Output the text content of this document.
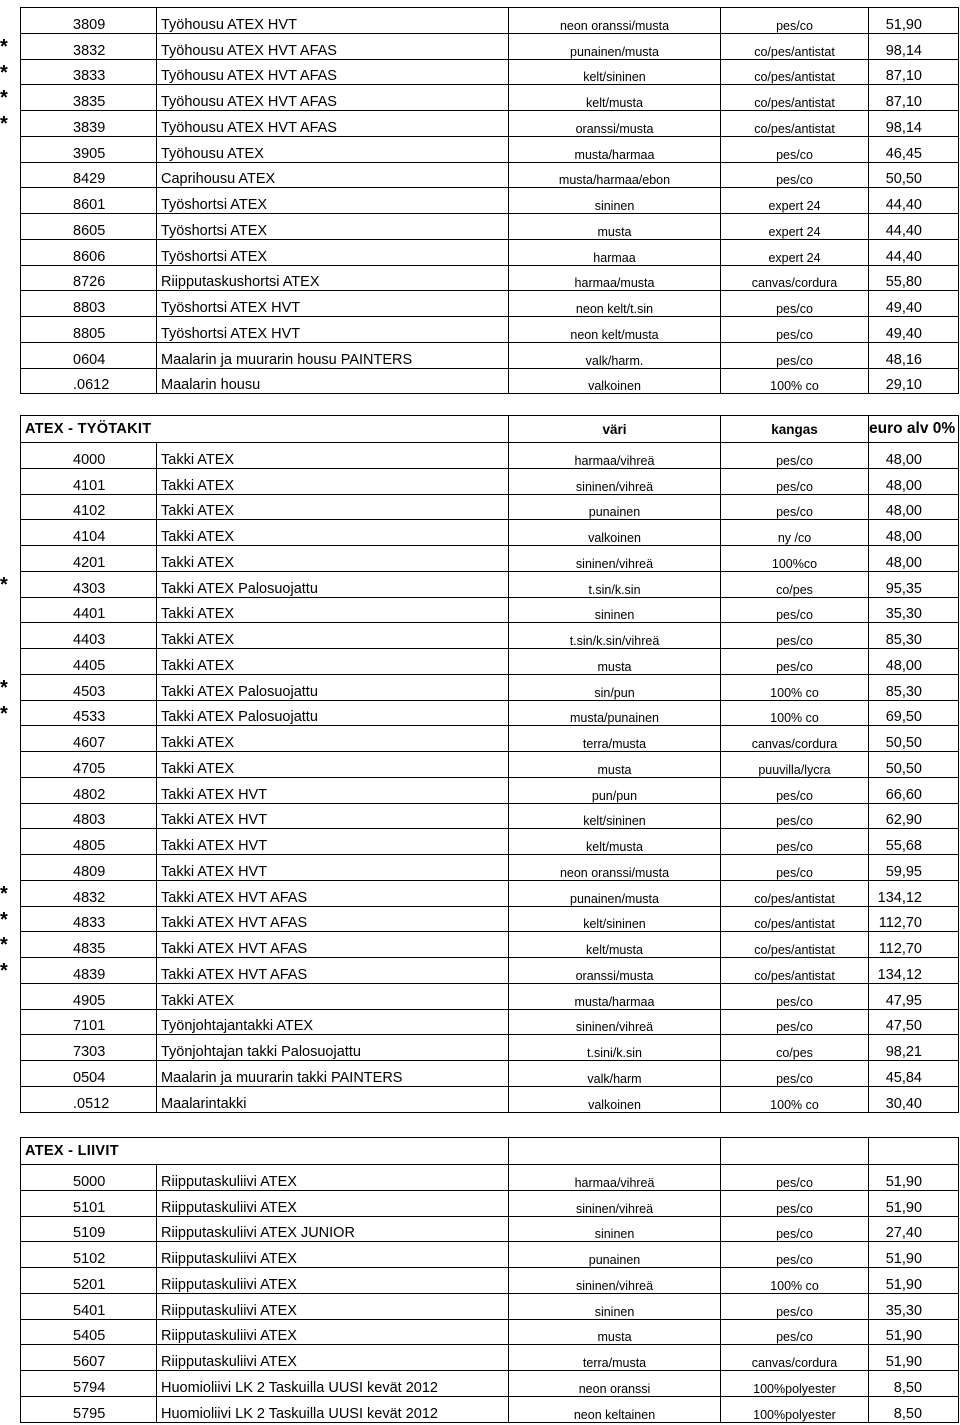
*
*
*
*
3809	Työhousu ATEX HVT	neon oranssi/musta	pes/co	51,90
3832	Työhousu ATEX HVT AFAS	punainen/musta	co/pes/antistat	98,14
3833	Työhousu ATEX HVT AFAS	kelt/sininen	co/pes/antistat	87,10
3835	Työhousu ATEX HVT AFAS	kelt/musta	co/pes/antistat	87,10
3839	Työhousu ATEX HVT AFAS	oranssi/musta	co/pes/antistat	98,14
3905	Työhousu ATEX	musta/harmaa	pes/co	46,45
8429	Caprihousu ATEX	musta/harmaa/ebon	pes/co	50,50
8601	Työshortsi ATEX	sininen	expert 24	44,40
8605	Työshortsi ATEX	musta	expert 24	44,40
8606	Työshortsi ATEX	harmaa	expert 24	44,40
8726	Riipputaskushortsi ATEX	harmaa/musta	canvas/cordura	55,80
8803	Työshortsi ATEX HVT	neon kelt/t.sin	pes/co	49,40
8805	Työshortsi ATEX HVT	neon kelt/musta	pes/co	49,40
0604	Maalarin ja muurarin housu PAINTERS	valk/harm.	pes/co	48,16
.0612	Maalarin housu	valkoinen	100% co	29,10
*
*
*
*
*
*
*
ATEX - TYÖTAKIT		väri	kangas	euro alv 0%
4000	Takki ATEX	harmaa/vihreä	pes/co	48,00
4101	Takki ATEX	sininen/vihreä	pes/co	48,00
4102	Takki ATEX	punainen	pes/co	48,00
4104	Takki ATEX	valkoinen	ny /co	48,00
4201	Takki ATEX	sininen/vihreä	100%co	48,00
4303	Takki ATEX Palosuojattu	t.sin/k.sin	co/pes	95,35
4401	Takki ATEX	sininen	pes/co	35,30
4403	Takki ATEX	t.sin/k.sin/vihreä	pes/co	85,30
4405	Takki ATEX	musta	pes/co	48,00
4503	Takki ATEX Palosuojattu	sin/pun	100% co	85,30
4533	Takki ATEX Palosuojattu	musta/punainen	100% co	69,50
4607	Takki ATEX	terra/musta	canvas/cordura	50,50
4705	Takki ATEX	musta	puuvilla/lycra	50,50
4802	Takki ATEX HVT	pun/pun	pes/co	66,60
4803	Takki ATEX HVT	kelt/sininen	pes/co	62,90
4805	Takki ATEX HVT	kelt/musta	pes/co	55,68
4809	Takki ATEX HVT	neon oranssi/musta	pes/co	59,95
4832	Takki ATEX HVT AFAS	punainen/musta	co/pes/antistat	134,12
4833	Takki ATEX HVT AFAS	kelt/sininen	co/pes/antistat	112,70
4835	Takki ATEX HVT AFAS	kelt/musta	co/pes/antistat	112,70
4839	Takki ATEX HVT AFAS	oranssi/musta	co/pes/antistat	134,12
4905	Takki ATEX	musta/harmaa	pes/co	47,95
7101	Työnjohtajantakki ATEX	sininen/vihreä	pes/co	47,50
7303	Työnjohtajan takki Palosuojattu	t.sini/k.sin	co/pes	98,21
0504	Maalarin ja muurarin takki PAINTERS	valk/harm	pes/co	45,84
.0512	Maalarintakki	valkoinen	100% co	30,40
ATEX - LIIVIT				
5000	Riipputaskuliivi ATEX	harmaa/vihreä	pes/co	51,90
5101	Riipputaskuliivi ATEX	sininen/vihreä	pes/co	51,90
5109	Riipputaskuliivi ATEX JUNIOR	sininen	pes/co	27,40
5102	Riipputaskuliivi ATEX	punainen	pes/co	51,90
5201	Riipputaskuliivi ATEX	sininen/vihreä	100% co	51,90
5401	Riipputaskuliivi ATEX	sininen	pes/co	35,30
5405	Riipputaskuliivi ATEX	musta	pes/co	51,90
5607	Riipputaskuliivi ATEX	terra/musta	canvas/cordura	51,90
5794	Huomioliivi LK 2 Taskuilla UUSI kevät 2012	neon oranssi	100%polyester	8,50
5795	Huomioliivi LK 2 Taskuilla UUSI kevät 2012	neon keltainen	100%polyester	8,50
